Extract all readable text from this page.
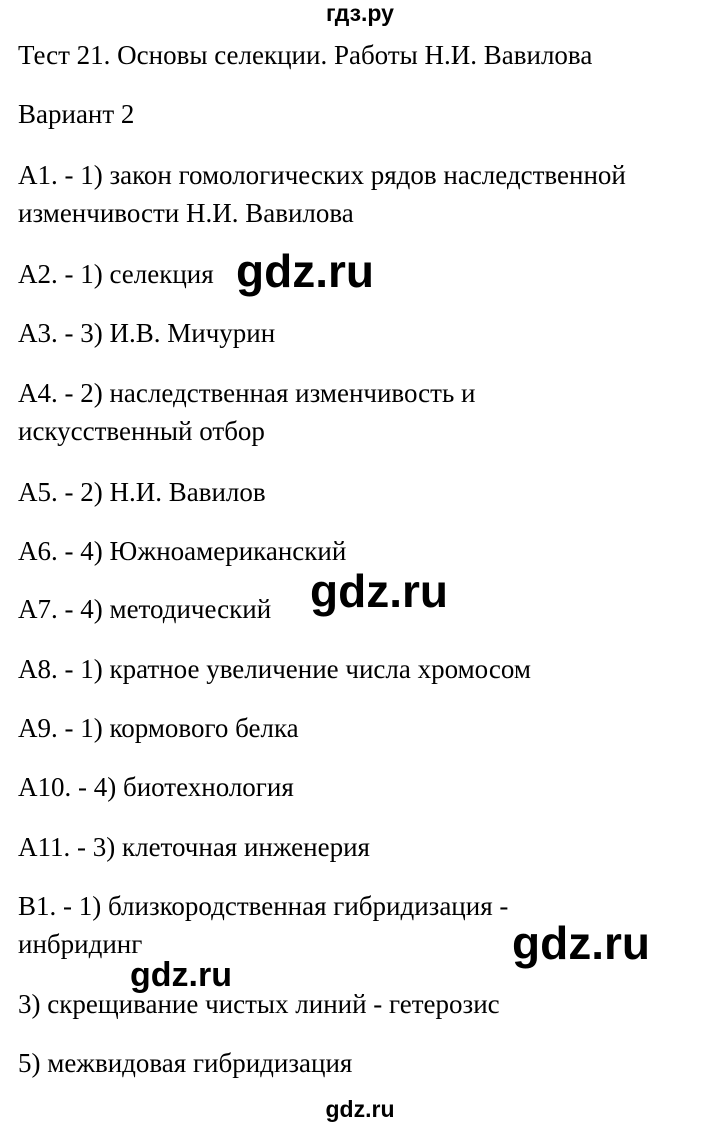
гдз.ру
Тест 21. Основы селекции. Работы Н.И. Вавилова
Вариант 2
А1. - 1) закон гомологических рядов наследственной
изменчивости Н.И. Вавилова
А2. - 1) селекция
А3. - 3) И.В. Мичурин
А4. - 2) наследственная изменчивость и
искусственный отбор
А5. - 2) Н.И. Вавилов
А6. - 4) Южноамериканский
А7. - 4) методический
А8. - 1) кратное увеличение числа хромосом
А9. - 1) кормового белка
А10. - 4) биотехнология
А11. - 3) клеточная инженерия
В1. - 1) близкородственная гибридизация -
инбридинг
3) скрещивание чистых линий - гетерозис
5) межвидовая гибридизация
gdz.ru
gdz.ru
gdz.ru
gdz.ru
gdz.ru
